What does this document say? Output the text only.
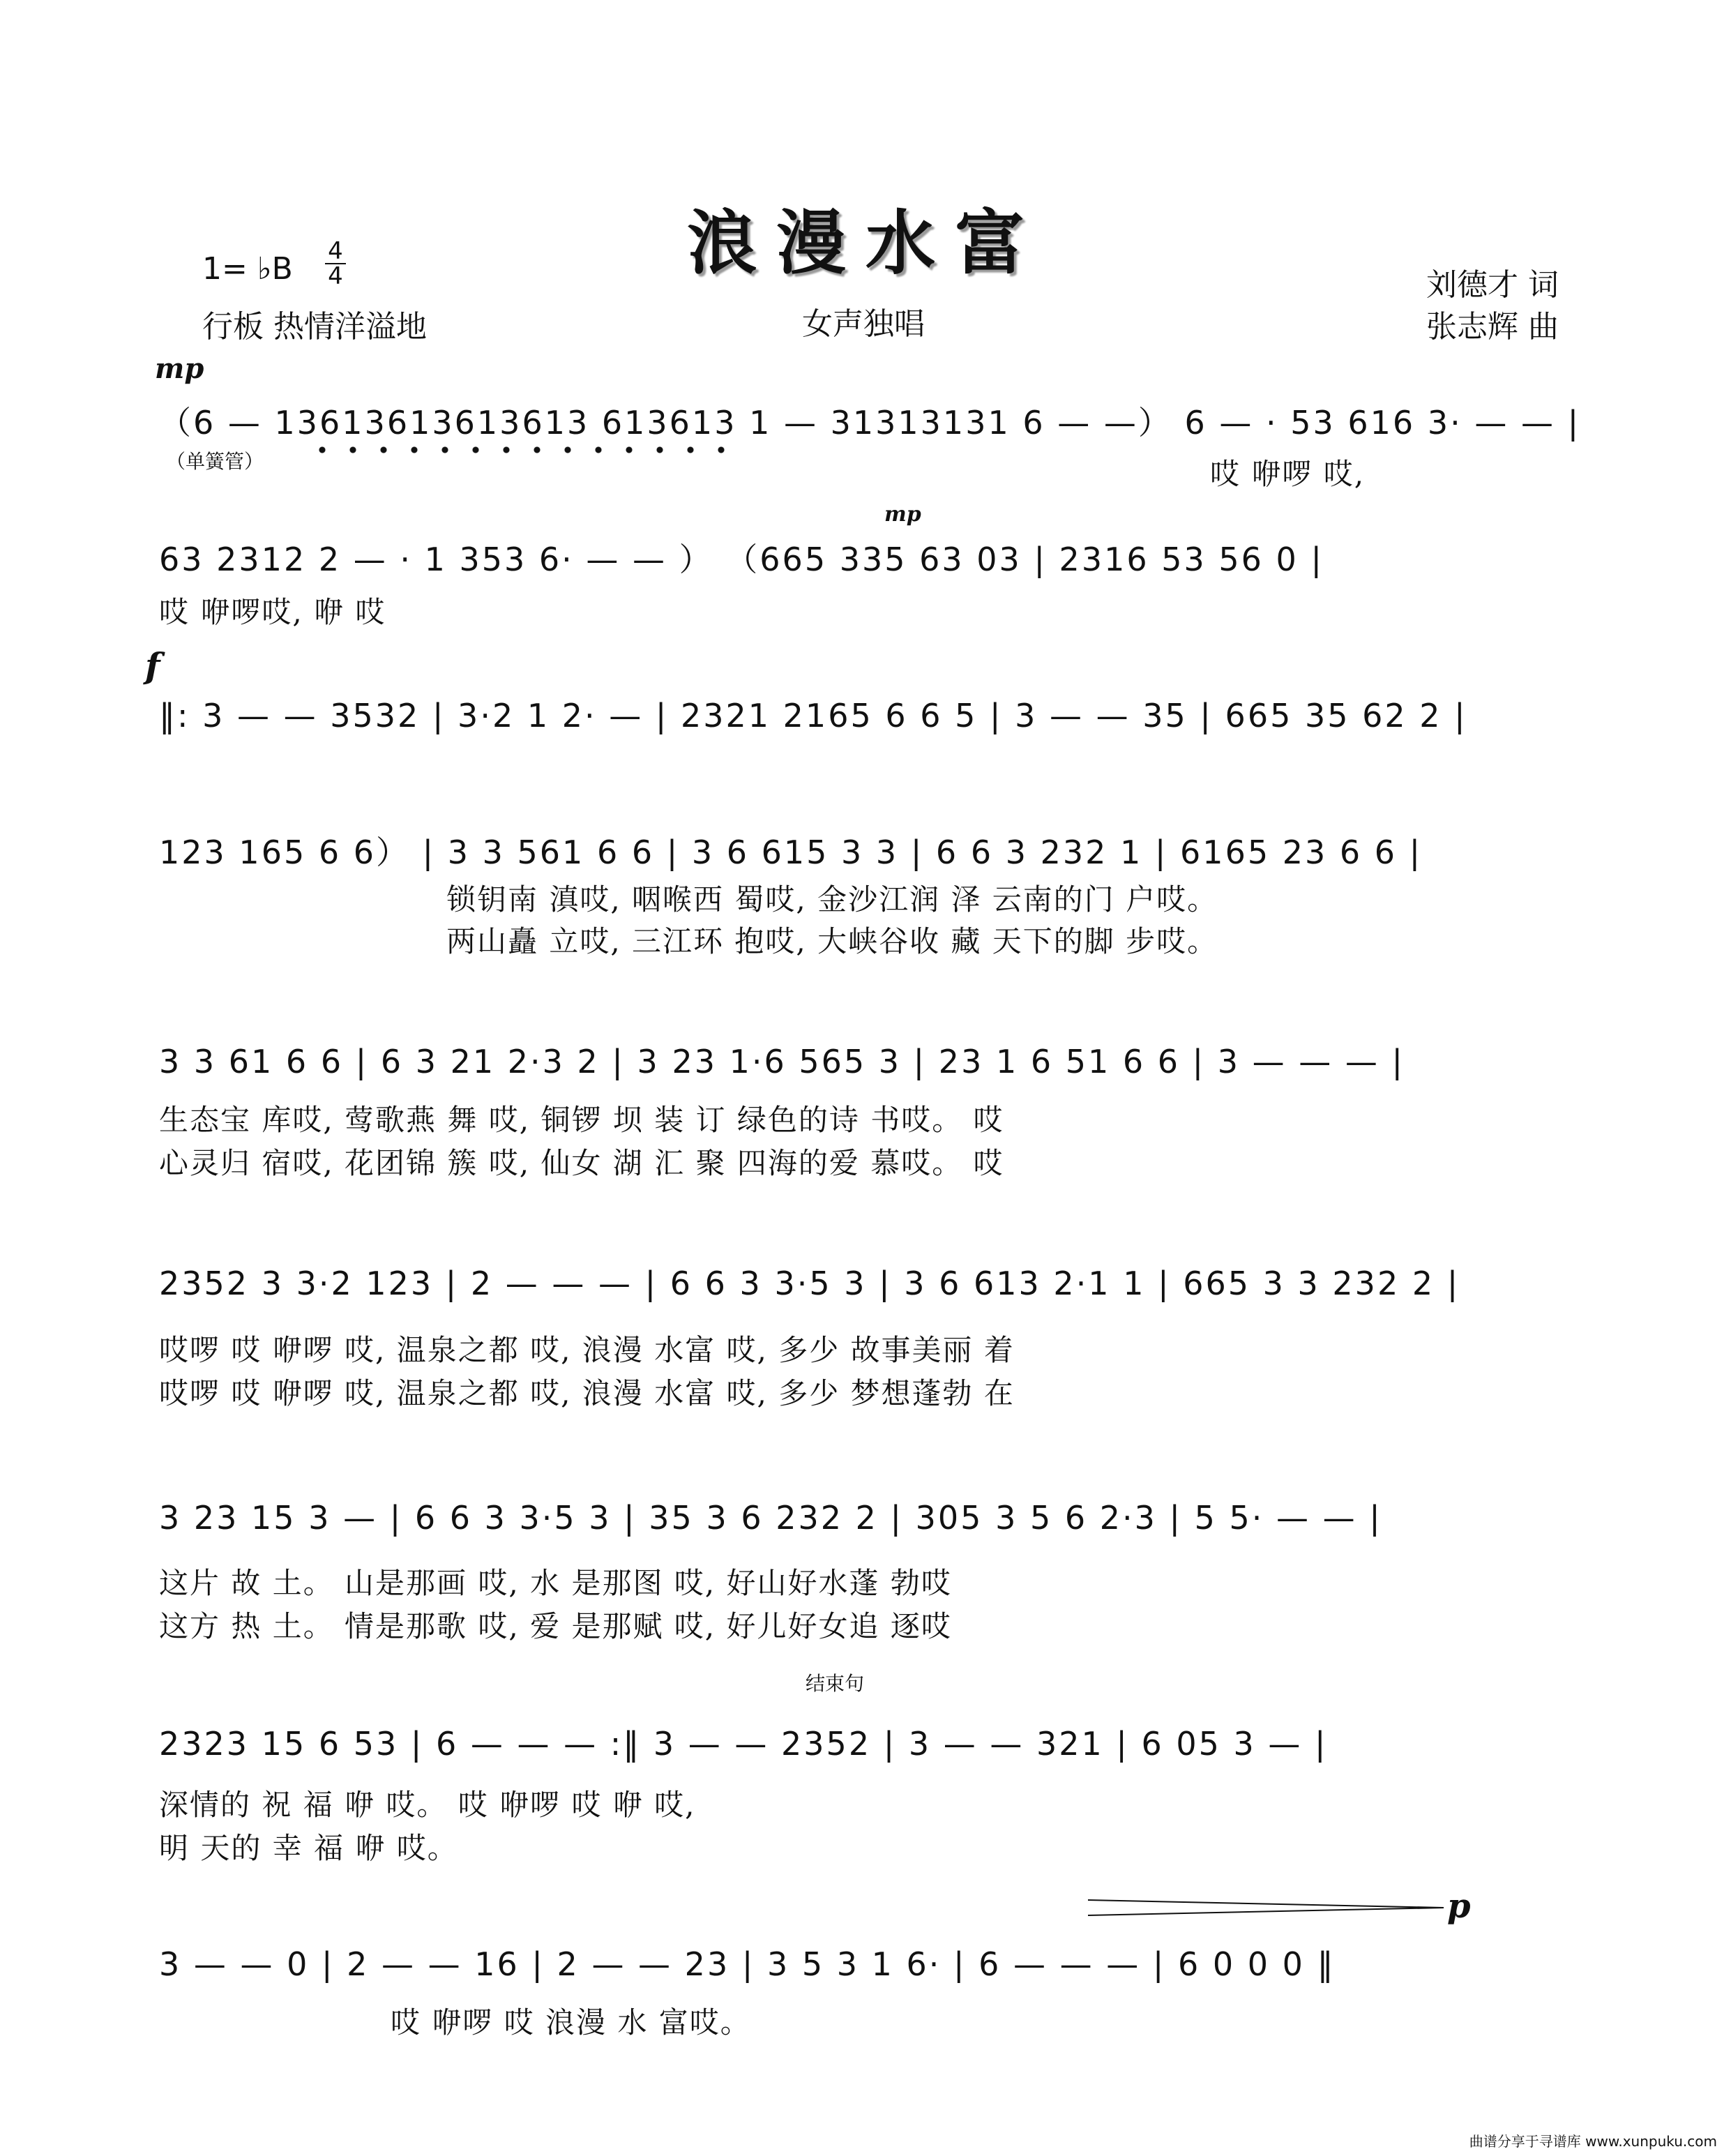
浪漫水富
1= ♭B 4
4
行板 热情洋溢地	女声独唱
刘德才 词
张志辉 曲
mp
mp
f
p
（6 — 13613613613613 613613 1 — 31313131 6 — —） 6 — · 53 616 3· — — |
（单簧管）	哎 咿啰 哎,
63 2312 2 — · 1 353 6· — — ） （665 335 63 03 | 2316 53 56 0 |
哎 咿啰哎, 咿 哎
‖: 3 — — 3532 | 3·2 1 2· — | 2321 2165 6 6 5 | 3 — — 35 | 665 35 62 2 |
123 165 6 6） | 3 3 561 6 6 | 3 6 615 3 3 | 6 6 3 232 1 | 6165 23 6 6 |
锁钥南 滇哎, 咽喉西 蜀哎, 金沙江润 泽 云南的门 户哎。
两山矗 立哎, 三江环 抱哎, 大峡谷收 藏 天下的脚 步哎。
3 3 61 6 6 | 6 3 21 2·3 2 | 3 23 1·6 565 3 | 23 1 6 51 6 6 | 3 — — — |
生态宝 库哎, 莺歌燕 舞 哎, 铜锣 坝 装 订 绿色的诗 书哎。 哎
心灵归 宿哎, 花团锦 簇 哎, 仙女 湖 汇 聚 四海的爱 慕哎。 哎
2352 3 3·2 123 | 2 — — — | 6 6 3 3·5 3 | 3 6 613 2·1 1 | 665 3 3 232 2 |
哎啰 哎 咿啰 哎, 温泉之都 哎, 浪漫 水富 哎, 多少 故事美丽 着
哎啰 哎 咿啰 哎, 温泉之都 哎, 浪漫 水富 哎, 多少 梦想蓬勃 在
3 23 15 3 — | 6 6 3 3·5 3 | 35 3 6 232 2 | 305 3 5 6 2·3 | 5 5· — — |
这片 故 土。 山是那画 哎, 水 是那图 哎, 好山好水蓬 勃哎
这方 热 土。 情是那歌 哎, 爱 是那赋 哎, 好儿好女追 逐哎
结束句
2323 15 6 53 | 6 — — — :‖ 3 — — 2352 | 3 — — 321 | 6 05 3 — |
深情的 祝 福 咿 哎。 哎 咿啰 哎 咿 哎,
明 天的 幸 福 咿 哎。
3 — — 0 | 2 — — 16 | 2 — — 23 | 3 5 3 1 6· | 6 — — — | 6 0 0 0 ‖
哎 咿啰 哎 浪漫 水 富哎。
曲谱分享于寻谱库 www.xunpuku.com
